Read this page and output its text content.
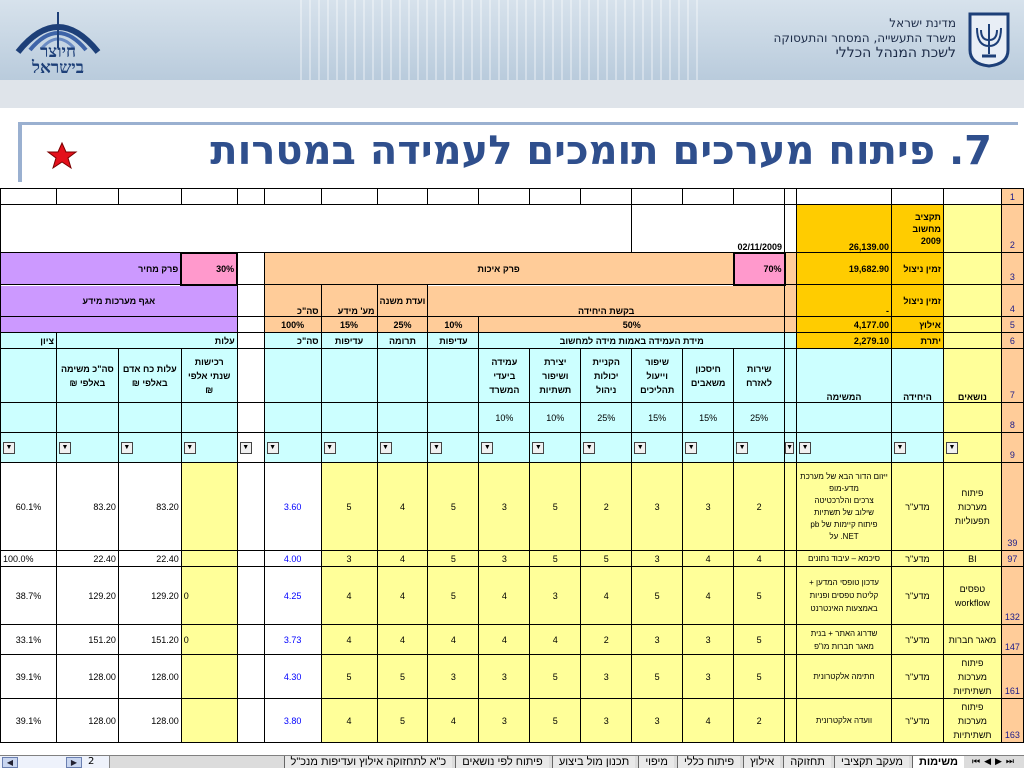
חיוצר
בישראל
מדינת ישראל
משרד התעשייה, המסחר והתעסוקה
לשכת המנהל הכללי
7. פיתוח מערכים תומכים לעמידה במטרות
																			1
												02/11/2009				26,139.00	תקציב מחשוב 2009		2
פרק מחיר			30%		פרק איכות									70%		19,682.90	זמין ניצול		3
אגף מערכות מידע					סה"כ	מע' מידע	ועדת משנה	בקשת היחידה								-	זמין ניצול		4
					100%	15%	25%	10%	50%							4,177.00	אילוץ		5
ציון	עלות				סה"כ	עדיפות	תרומה	עדיפות	מידת העמידה באמות מידה למחשוב							2,279.10	יתרת		6
	סה"כ משימה באלפי ₪	עלות כח אדם באלפי ₪	רכישות שנתי אלפי ₪						עמידה ביעדי המשרד	יצירת ושיפור תשתיות	הקניית יכולות ניהול	שיפור וייעול תהליכים	חיסכון משאבים	שירות לאזרח		המשימה	היחידה	נושאים	7
									10%	10%	25%	15%	15%	25%					8
▼	▼	▼	▼	▼	▼	▼	▼	▼	▼	▼	▼	▼	▼	▼	▼	▼	▼	▼	9
60.1%	83.20	83.20			3.60	5	4	5	3	5	2	3	3	2		ייזום הדור הבא של מערכת מדע-מופ
צרכים והלרכטיטה
שילוב של תשתיות
פיתוח קיימות של pb
NET. על	מדע"ר	פיתוח מערכות תפעוליות	39
100.0%	22.40	22.40			4.00	3	4	5	3	5	5	3	4	4		סיכמא – עיבוד נתונים	מדע"ר	BI	97
38.7%	129.20	129.20	0		4.25	4	4	5	4	3	4	5	4	5		עדכון טופסי המדען +
קליטת טפסים ופניות
באמצעות האינטרנט	מדע"ר	טפסים workflow	132
33.1%	151.20	151.20	0		3.73	4	4	4	4	4	2	3	3	5		שדרוג האתר + בנית
מאגר חברות מו"פ	מדע"ר	מאגר חברות	147
39.1%	128.00	128.00			4.30	5	5	3	3	5	3	5	3	5		חתימה אלקטרונית	מדע"ר	פיתוח מערכות תשתיתיות	161
39.1%	128.00	128.00			3.80	4	5	4	3	5	3	3	4	2		וועדה אלקטרונית	מדע"ר	פיתוח מערכות תשתיתיות	163
◀	▶	2	משימות מעקב תקציבי תחזוקה אילוץ פיתוח כללי מיפוי תכנון מול ביצוע פיתוח לפי נושאים כ"א לתחזוקה אילוץ ועדיפות מנכ"ל	⏮◀▶⏭
